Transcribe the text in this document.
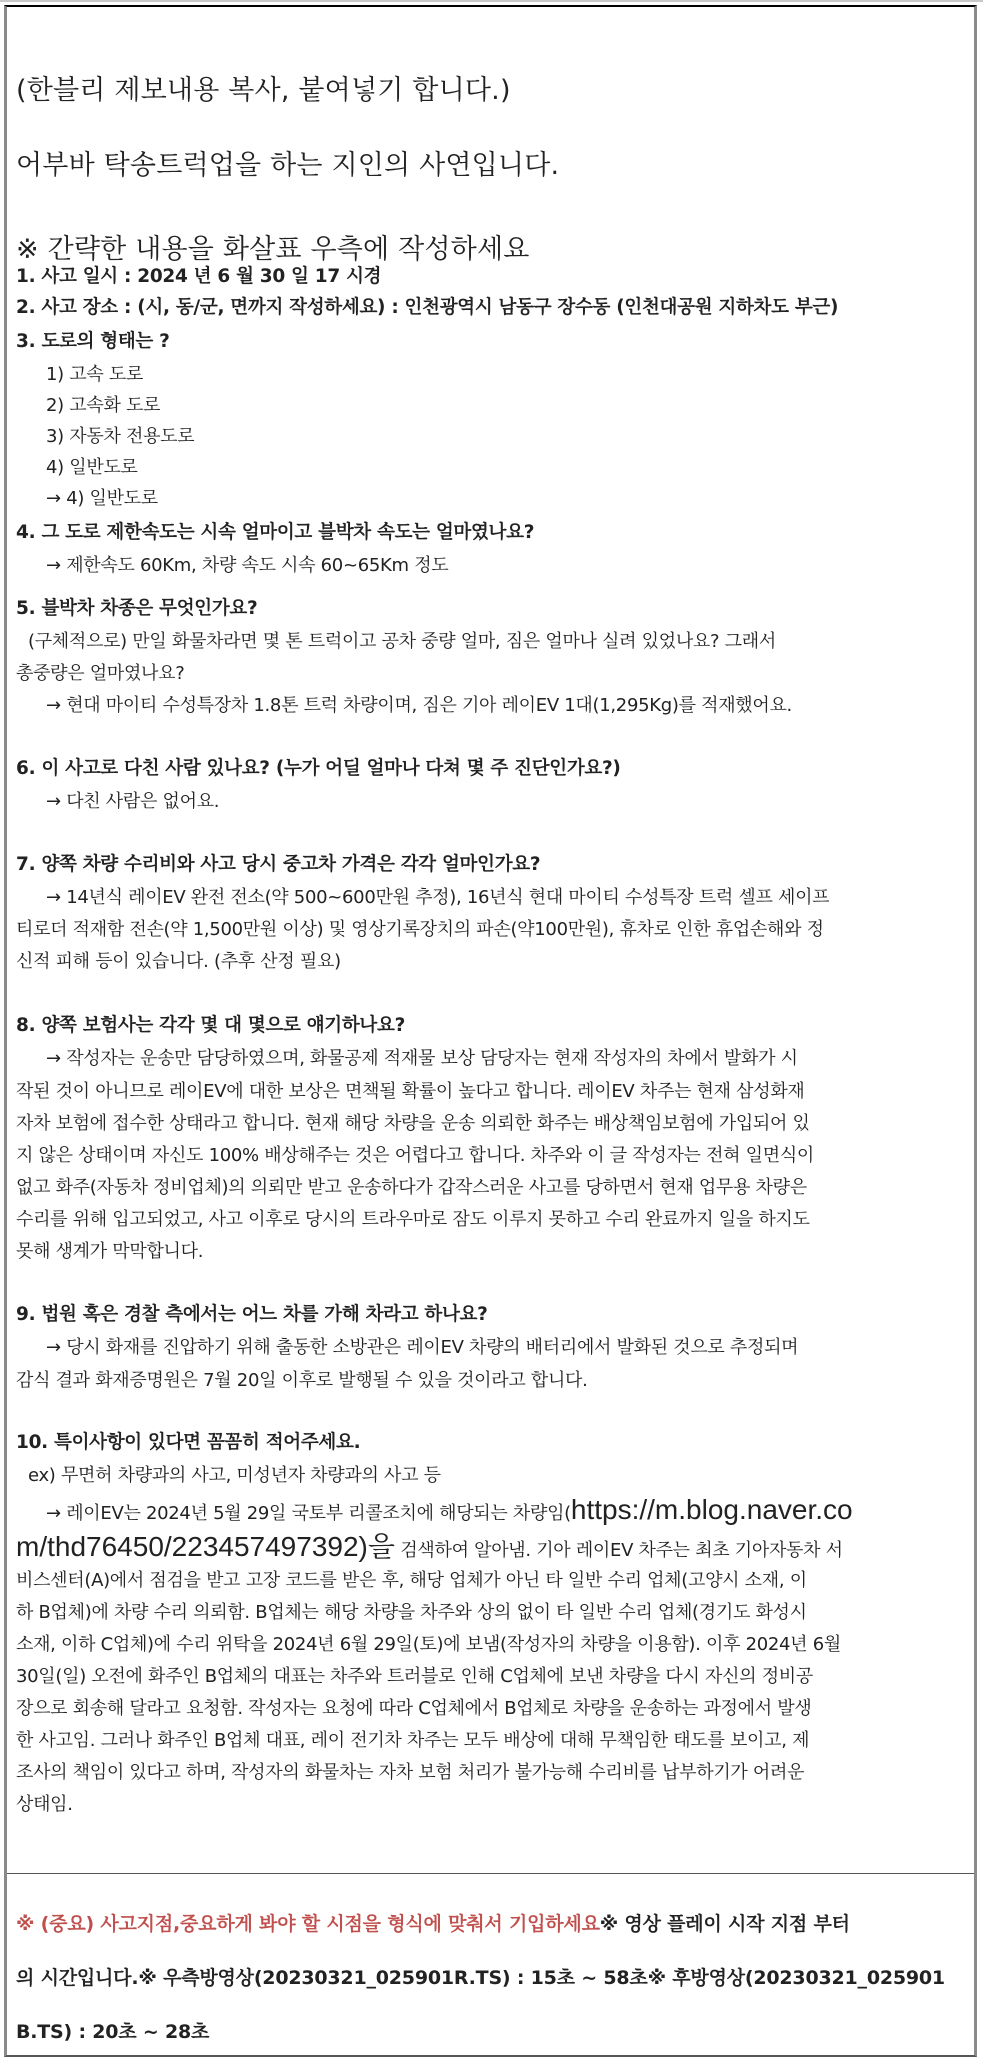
(한블리 제보내용 복사, 붙여넣기 합니다.)
어부바 탁송트럭업을 하는 지인의 사연입니다.
※ 간략한 내용을 화살표 우측에 작성하세요
1. 사고 일시 : 2024 년 6 월 30 일 17 시경
2. 사고 장소 : (시, 동/군, 면까지 작성하세요) : 인천광역시 남동구 장수동 (인천대공원 지하차도 부근)
3. 도로의 형태는 ?
1) 고속 도로
2) 고속화 도로
3) 자동차 전용도로
4) 일반도로
→ 4) 일반도로
4. 그 도로 제한속도는 시속 얼마이고 블박차 속도는 얼마였나요?
→ 제한속도 60Km, 차량 속도 시속 60~65Km 정도
5. 블박차 차종은 무엇인가요?
(구체적으로) 만일 화물차라면 몇 톤 트럭이고 공차 중량 얼마, 짐은 얼마나 실려 있었나요? 그래서
총중량은 얼마였나요?
→ 현대 마이티 수성특장차 1.8톤 트럭 차량이며, 짐은 기아 레이EV 1대(1,295Kg)를 적재했어요.
6. 이 사고로 다친 사람 있나요? (누가 어딜 얼마나 다쳐 몇 주 진단인가요?)
→ 다친 사람은 없어요.
7. 양쪽 차량 수리비와 사고 당시 중고차 가격은 각각 얼마인가요?
→ 14년식 레이EV 완전 전소(약 500~600만원 추정), 16년식 현대 마이티 수성특장 트럭 셀프 세이프
티로더 적재함 전손(약 1,500만원 이상) 및 영상기록장치의 파손(약100만원), 휴차로 인한 휴업손해와 정
신적 피해 등이 있습니다. (추후 산정 필요)
8. 양쪽 보험사는 각각 몇 대 몇으로 얘기하나요?
→ 작성자는 운송만 담당하였으며, 화물공제 적재물 보상 담당자는 현재 작성자의 차에서 발화가 시
작된 것이 아니므로 레이EV에 대한 보상은 면책될 확률이 높다고 합니다. 레이EV 차주는 현재 삼성화재
자차 보험에 접수한 상태라고 합니다. 현재 해당 차량을 운송 의뢰한 화주는 배상책임보험에 가입되어 있
지 않은 상태이며 자신도 100% 배상해주는 것은 어렵다고 합니다. 차주와 이 글 작성자는 전혀 일면식이
없고 화주(자동차 정비업체)의 의뢰만 받고 운송하다가 갑작스러운 사고를 당하면서 현재 업무용 차량은
수리를 위해 입고되었고, 사고 이후로 당시의 트라우마로 잠도 이루지 못하고 수리 완료까지 일을 하지도
못해 생계가 막막합니다.
9. 법원 혹은 경찰 측에서는 어느 차를 가해 차라고 하나요?
→ 당시 화재를 진압하기 위해 출동한 소방관은 레이EV 차량의 배터리에서 발화된 것으로 추정되며
감식 결과 화재증명원은 7월 20일 이후로 발행될 수 있을 것이라고 합니다.
10. 특이사항이 있다면 꼼꼼히 적어주세요.
ex) 무면허 차량과의 사고, 미성년자 차량과의 사고 등
→ 레이EV는 2024년 5월 29일 국토부 리콜조치에 해당되는 차량임(https://m.blog.naver.co
m/thd76450/223457497392)을 검색하여 알아냄. 기아 레이EV 차주는 최초 기아자동차 서
비스센터(A)에서 점검을 받고 고장 코드를 받은 후, 해당 업체가 아닌 타 일반 수리 업체(고양시 소재, 이
하 B업체)에 차량 수리 의뢰함. B업체는 해당 차량을 차주와 상의 없이 타 일반 수리 업체(경기도 화성시
소재, 이하 C업체)에 수리 위탁을 2024년 6월 29일(토)에 보냄(작성자의 차량을 이용함). 이후 2024년 6월
30일(일) 오전에 화주인 B업체의 대표는 차주와 트러블로 인해 C업체에 보낸 차량을 다시 자신의 정비공
장으로 회송해 달라고 요청함. 작성자는 요청에 따라 C업체에서 B업체로 차량을 운송하는 과정에서 발생
한 사고임. 그러나 화주인 B업체 대표, 레이 전기차 차주는 모두 배상에 대해 무책임한 태도를 보이고, 제
조사의 책임이 있다고 하며, 작성자의 화물차는 자차 보험 처리가 불가능해 수리비를 납부하기가 어려운
상태임.
※ (중요) 사고지점,중요하게 봐야 할 시점을 형식에 맞춰서 기입하세요※ 영상 플레이 시작 지점 부터
의 시간입니다.※ 우측방영상(20230321_025901R.TS) : 15초 ~ 58초※ 후방영상(20230321_025901
B.TS) : 20초 ~ 28초
